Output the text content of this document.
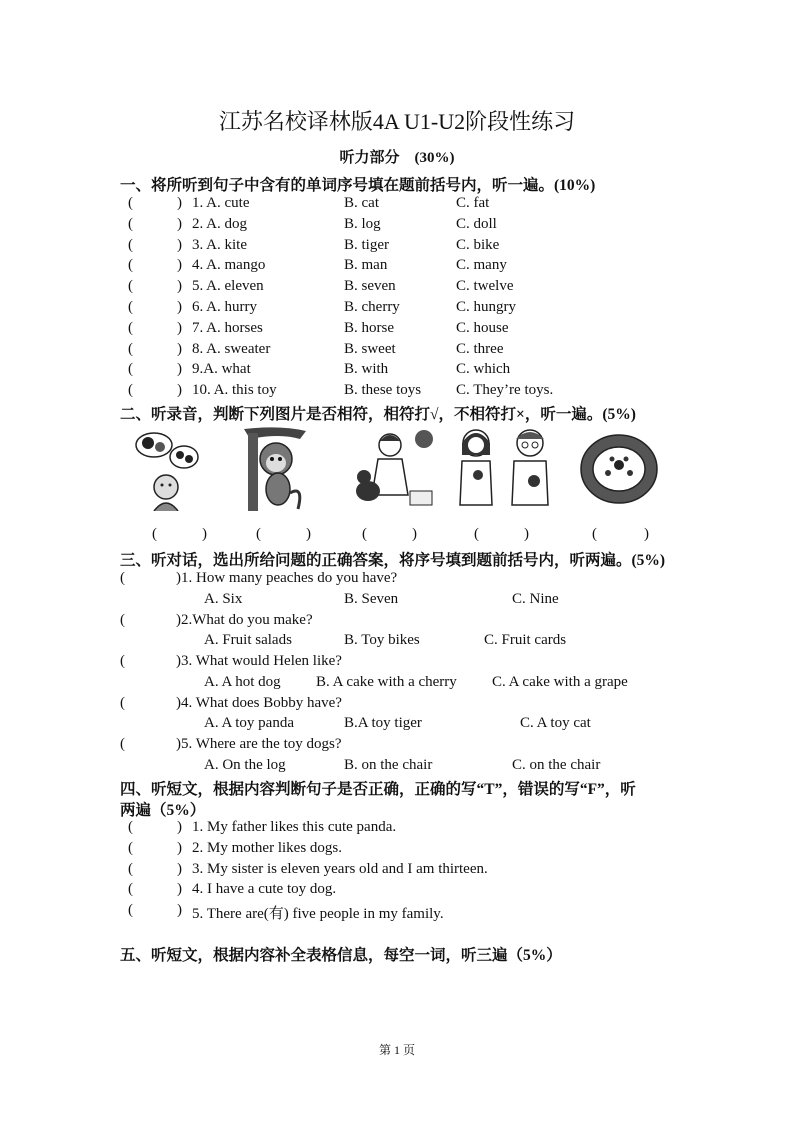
江苏名校译林版4A U1-U2阶段性练习
听力部分　(30%)
一、将所听到句子中含有的单词序号填在题前括号内，听一遍。(10%)
(	) 1. A. cute	B. cat	C. fat
(	) 2. A. dog	B. log	C. doll
(	) 3. A. kite	B. tiger	C. bike
(	) 4. A. mango	B. man	C. many
(	) 5. A. eleven	B. seven	C. twelve
(	) 6. A. hurry	B. cherry	C. hungry
(	) 7. A. horses	B. horse	C. house
(	) 8. A. sweater	B. sweet	C. three
(	) 9.A. what	B. with	C. which
(	) 10. A. this toy	B. these toys C. They’re toys.
二、听录音，判断下列图片是否相符，相符打√，不相符打×，听一遍。(5%)
(	)	(	)	(	)	(	)	(	)
三、听对话，选出所给问题的正确答案，将序号填到题前括号内，听两遍。(5%)
(	)1. How many peaches do you have?
A. Six	B. Seven	C. Nine
(	)2.What do you make?
A. Fruit salads	B. Toy bikes	C. Fruit cards
(	)3. What would Helen like?
A. A hot dog B. A cake with a cherry C. A cake with a grape
(	)4. What does Bobby have?
A. A toy panda	B.A toy tiger	C. A toy cat
(	)5. Where are the toy dogs?
A. On the log	B. on the chair	C. on the chair
四、听短文，根据内容判断句子是否正确，正确的写“T”，错误的写“F”，听
两遍（5%）
(	) 1. My father likes this cute panda.
(	) 2. My mother likes dogs.
(	) 3. My sister is eleven years old and I am thirteen.
(	) 4. I have a cute toy dog.
(	) 5. There are(有) five people in my family.
五、听短文，根据内容补全表格信息，每空一词，听三遍（5%）
第 1 页
